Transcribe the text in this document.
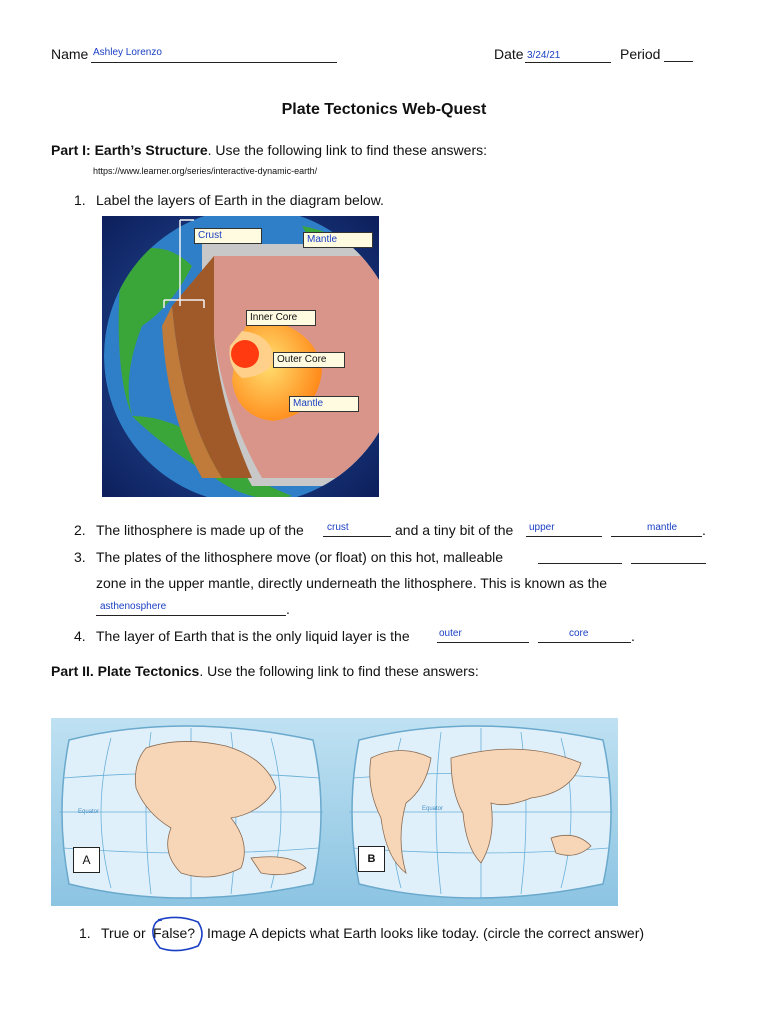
Name Ashley Lorenzo	Date 3/24/21	Period
Plate Tectonics Web-Quest
Part I: Earth’s Structure. Use the following link to find these answers:
https://www.learner.org/series/interactive-dynamic-earth/
1. Label the layers of Earth in the diagram below.
Crust	Mantle
Inner Core
Outer Core
Mantle
2. The lithosphere is made up of the crust	and a tiny bit of the upper	mantle	.
3. The plates of the lithosphere move (or float) on this hot, malleable
zone in the upper mantle, directly underneath the lithosphere. This is known as the
asthenosphere	.
4. The layer of Earth that is the only liquid layer is the	outer	core	.
Part II. Plate Tectonics. Use the following link to find these answers:
Equator	Equator
A	B
1. True or False? Image A depicts what Earth looks like today. (circle the correct answer)
